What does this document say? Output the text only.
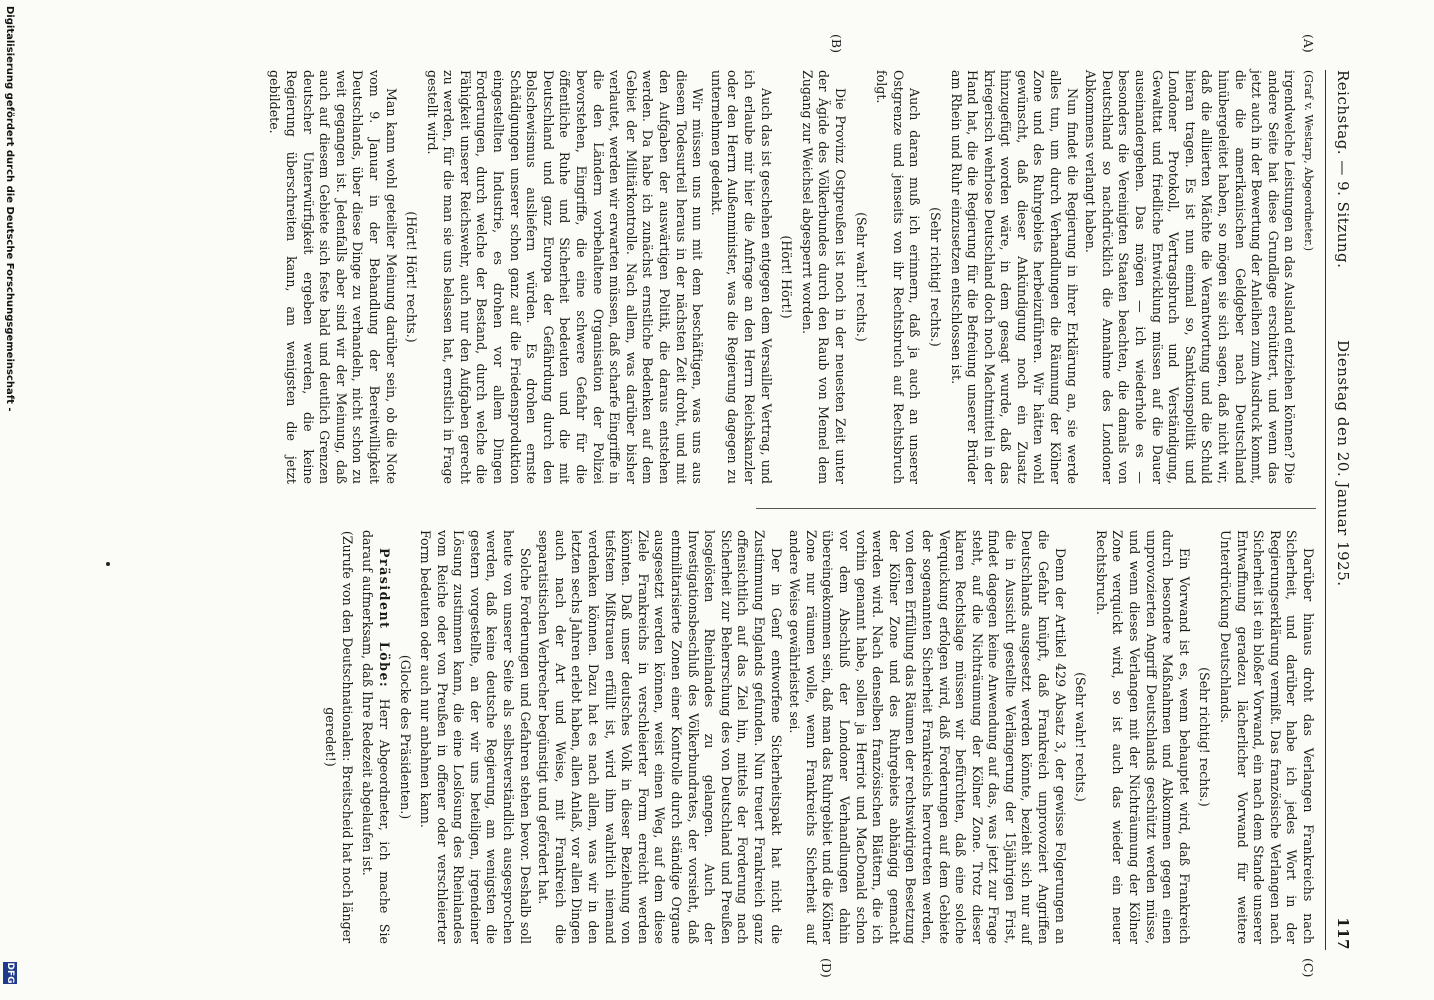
Reichstag. — 9. Sitzung.
Dienstag den 20. Januar 1925.
117
(A)
(B)
(C)
(D)

(Graf v. Westarp, Abgeordneter.)

irgendwelche Leistungen an das Ausland entziehen können? Die andere Seite hat diese Grundlage erschüttert, und wenn das jetzt auch in der Bewertung der Anleihen zum Ausdruck kommt, die die amerikanischen Geldgeber nach Deutschland hinübergeleitet haben, so mögen sie sich sagen, daß nicht wir, daß die alliierten Mächte die Verantwortung und die Schuld hieran tragen. Es ist nun einmal so, Sanktionspolitik und Londoner Protokoll, Vertragsbruch und Verständigung, Gewalttat und friedliche Entwicklung müssen auf die Dauer auseinandergehen. Das mögen — ich wiederhole es — besonders die Vereinigten Staaten beachten, die damals von Deutschland so nachdrücklich die Annahme des Londoner Abkommens verlangt haben.

Nun findet die Regierung in ihrer Erklärung an, sie werde alles tun, um durch Verhandlungen die Räumung der Kölner Zone und des Ruhrgebiets herbeizuführen. Wir hätten wohl gewünscht, daß dieser Ankündigung noch ein Zusatz hinzugefügt worden wäre, in dem gesagt wurde, daß das kriegerisch wehrlose Deutschland doch noch Machtmittel in der Hand hat, die die Regierung für die Befreiung unserer Brüder am Rhein und Ruhr einzusetzen entschlossen ist.

(Sehr richtig! rechts.)

Auch daran muß ich erinnern, daß ja auch an unserer Ostgrenze und jenseits von ihr Rechtsbruch auf Rechtsbruch folgt.

(Sehr wahr! rechts.)

Die Provinz Ostpreußen ist noch in der neuesten Zeit unter der Ägide des Völkerbundes durch den Raub von Memel dem Zugang zur Weichsel abgesperrt worden.

(Hört! Hört!)

Auch das ist geschehen entgegen dem Versailler Vertrag, und ich erlaube mir hier die Anfrage an den Herrn Reichskanzler oder den Herrn Außenminister, was die Regierung dagegen zu unternehmen gedenkt.

Wir müssen uns nun mit dem beschäftigen, was uns aus diesem Todesurteil heraus in der nächsten Zeit droht, und mit den Aufgaben der auswärtigen Politik, die daraus entstehen werden. Da habe ich zunächst ernstliche Bedenken auf dem Gebiet der Militärkontrolle. Nach allem, was darüber bisher verlautet, werden wir erwarten müssen, daß scharfe Eingriffe in die den Ländern vorbehaltene Organisation der Polizei bevorstehen, Eingriffe, die eine schwere Gefahr für die öffentliche Ruhe und Sicherheit bedeuten und die mit Deutschland und ganz Europa der Gefährdung durch den Bolschewismus ausliefern würden. Es drohen ernste Schädigungen unserer schon ganz auf die Friedensproduktion eingestellten Industrie, es drohen vor allem Dingen Forderungen, durch welche der Bestand, durch welche die Fähigkeit unserer Reichswehr, auch nur den Aufgaben gerecht zu werden, für die man sie uns belassen hat, ernstlich in Frage gestellt wird.

(Hört! Hört! rechts.)

Man kann wohl geteilter Meinung darüber sein, ob die Note vom 9. Januar in der Behandlung der Bereitwilligkeit Deutschlands, über diese Dinge zu verhandeln, nicht schon zu weit gegangen ist. Jedenfalls aber sind wir der Meinung, daß auch auf diesem Gebiete sich feste bald und deutlich Grenzen deutscher Unterwürfigkeit ergeben werden, die keine Regierung überschreiten kann, am wenigsten die jetzt gebildete.

Darüber hinaus droht das Verlangen Frankreichs nach Sicherheit, und darüber habe ich jedes Wort in der Regierungserklärung vermißt. Das französische Verlangen nach Sicherheit ist ein bloßer Vorwand, ein nach dem Stande unserer Entwaffnung geradezu lächerlicher Vorwand für weitere Unterdrückung Deutschlands.

(Sehr richtig! rechts.)

Ein Vorwand ist es, wenn behauptet wird, daß Frankreich durch besondere Maßnahmen und Abkommen gegen einen unprovozierten Angriff Deutschlands geschützt werden müsse, und wenn dieses Verlangen mit der Nichträumung der Kölner Zone verquickt wird, so ist auch das wieder ein neuer Rechtsbruch.

(Sehr wahr! rechts.)

Denn der Artikel 429 Absatz 3, der gewisse Folgerungen an die Gefahr knüpft, daß Frankreich unprovoziert Angriffen Deutschlands ausgesetzt werden könnte, bezieht sich nur auf die in Aussicht gestellte Verlängerung der 15jährigen Frist, findet dagegen keine Anwendung auf das, was jetzt zur Frage steht, auf die Nichträumung der Kölner Zone. Trotz dieser klaren Rechtslage müssen wir befürchten, daß eine solche Verquickung erfolgen wird, daß Forderungen auf dem Gebiete der sogenannten Sicherheit Frankreichs hervortreten werden, von deren Erfüllung das Räumen der rechtswidrigen Besetzung der Kölner Zone und des Ruhrgebiets abhängig gemacht werden wird. Nach denselben französischen Blättern, die ich vorhin genannt habe, sollen ja Herriot und MacDonald schon vor dem Abschluß der Londoner Verhandlungen dahin übereingekommen sein, daß man das Ruhrgebiet und die Kölner Zone nur räumen wolle, wenn Frankreichs Sicherheit auf andere Weise gewährleistet sei.

Der in Genf entworfene Sicherheitspakt hat nicht die Zustimmung Englands gefunden. Nun treuert Frankreich ganz offensichtlich auf das Ziel hin, mittels der Forderung nach Sicherheit zur Beherrschung des von Deutschland und Preußen losgelösten Rheinlandes zu gelangen. Auch der Investigationsbeschluß des Völkerbundrates, der vorsieht, daß entmilitarisierte Zonen einer Kontrolle durch ständige Organe ausgesetzt werden können, weist einen Weg, auf dem diese Ziele Frankreichs in verschleierter Form erreicht werden könnten. Daß unser deutsches Volk in dieser Beziehung von tiefstem Mißtrauen erfüllt ist, wird ihm wahrlich niemand verdenken können. Dazu hat es nach allem, was wir in den letzten sechs Jahren erlebt haben, allen Anlaß, vor allen Dingen auch nach der Art und Weise, mit Frankreich die separatistischen Verbrecher begünstigt und gefördert hat.

Solche Forderungen und Gefahren stehen bevor. Deshalb soll heute von unserer Seite als selbstverständlich ausgesprochen werden, daß keine deutsche Regierung, am wenigsten die gestern vorgestellte, an der wir uns beteiligen, irgendeiner Lösung zustimmen kann, die eine Loslösung des Rheinlandes vom Reiche oder von Preußen in offener oder verschleierter Form bedeuten oder auch nur anbahnen kann.

(Glocke des Präsidenten.)

Präsident Löbe: Herr Abgeordneter, ich mache Sie darauf aufmerksam, daß Ihre Redezeit abgelaufen ist.

(Zurufe von den Deutschnationalen: Breitscheid hat noch länger geredet!)

Digitalisierung gefördert durch die Deutsche Forschungsgemeinschaft -
DFG
